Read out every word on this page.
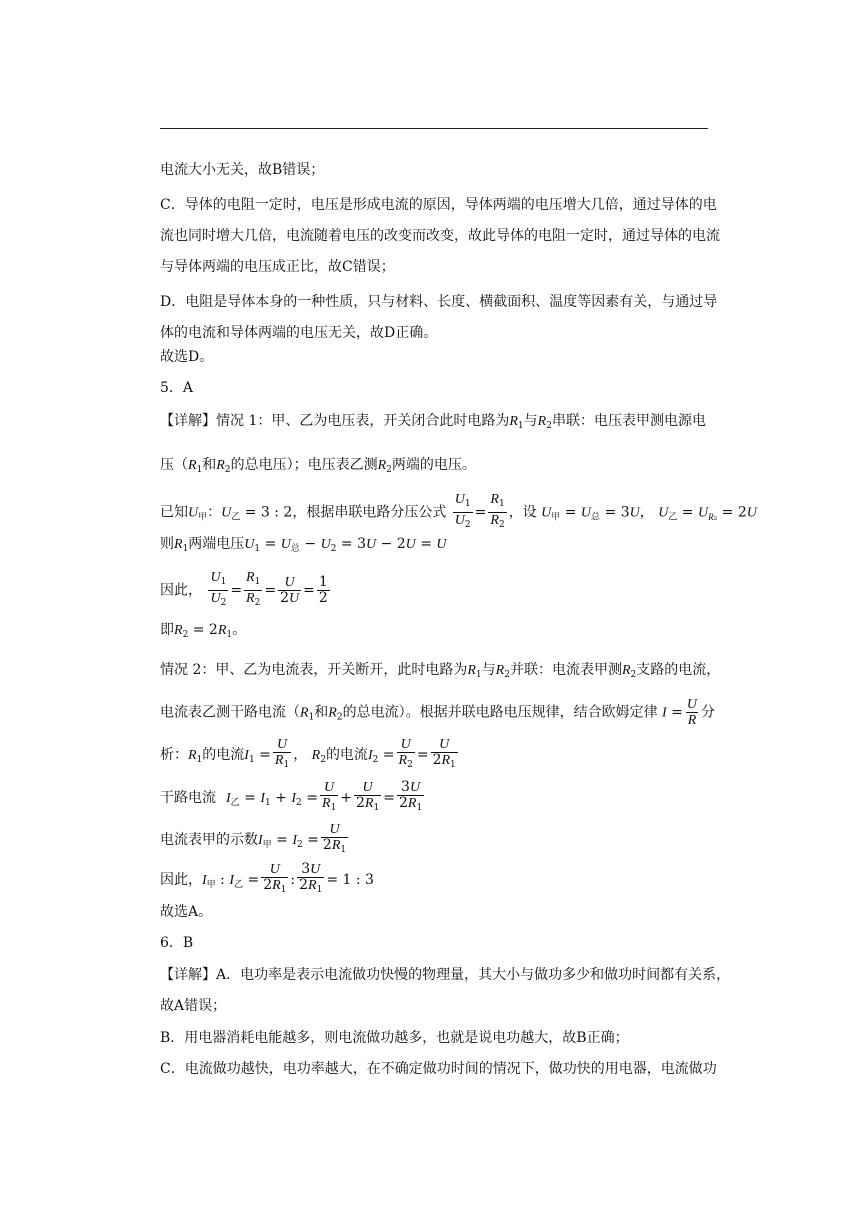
电流大小无关，故B错误；
C．导体的电阻一定时，电压是形成电流的原因，导体两端的电压增大几倍，通过导体的电
流也同时增大几倍，电流随着电压的改变而改变，故此导体的电阻一定时，通过导体的电流
与导体两端的电压成正比，故C错误；
D．电阻是导体本身的一种性质，只与材料、长度、横截面积、温度等因素有关，与通过导
体的电流和导体两端的电压无关，故D正确。
故选D。
5．A
【详解】情况 1：甲、乙为电压表，开关闭合此时电路为$R_1$与$R_2$串联：电压表甲测电源电
压（$R_1$和$R_2$的总电压）；电压表乙测$R_2$两端的电压。
已知$U_甲$：$U_乙 = 3$ : 2，根据串联电路分压公式 $\frac{U_1}{U_2} = \frac{R_1}{R_2}$ ，设 $U_甲 = U_总 = 3U$， $U_乙 = U_{R_2} = 2U$
则$R_1$两端电压$U_1 = U_总 - U_2 = 3U - 2U = U$
因此， $\frac{U_1}{U_2} = \frac{R_1}{R_2} = \frac{U}{2U} = \frac{1}{2}$
即$R_2 = 2R_1$。
情况 2：甲、乙为电流表，开关断开，此时电路为$R_1$与$R_2$并联：电流表甲测$R_2$支路的电流，
电流表乙测干路电流（$R_1$和$R_2$的总电流）。根据并联电路电压规律，结合欧姆定律 $I = \frac{U}{R}$ 分
析：$R_1$的电流$I_1 = \frac{U}{R_1}$ ， $R_2$的电流$I_2 = \frac{U}{R_2} = \frac{U}{2R_1}$
干路电流 $I_乙 = I_1 + I_2 = \frac{U}{R_1} + \frac{U}{2R_1} = \frac{3U}{2R_1}$
电流表甲的示数$I_甲 = I_2 = \frac{U}{2R_1}$
因此，$I_甲$ : $I_乙 = \frac{U}{2R_1}$ : $\frac{3U}{2R_1} = 1$ : 3
故选A。
6．B
【详解】A．电功率是表示电流做功快慢的物理量，其大小与做功多少和做功时间都有关系，
故A错误；
B．用电器消耗电能越多，则电流做功越多，也就是说电功越大，故B正确；
C．电流做功越快，电功率越大，在不确定做功时间的情况下，做功快的用电器，电流做功
